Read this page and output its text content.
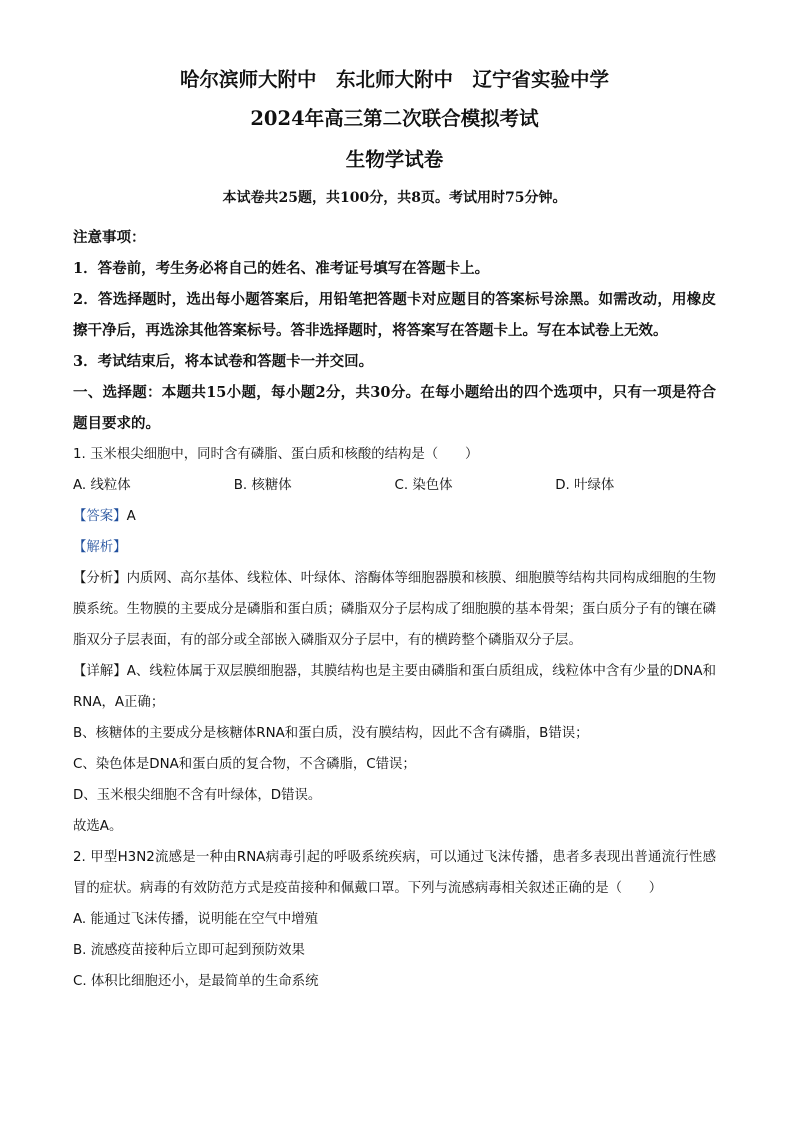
哈尔滨师大附中　东北师大附中　辽宁省实验中学
2024年高三第二次联合模拟考试
生物学试卷
本试卷共25题，共100分，共8页。考试用时75分钟。
注意事项：
1．答卷前，考生务必将自己的姓名、准考证号填写在答题卡上。
2．答选择题时，选出每小题答案后，用铅笔把答题卡对应题目的答案标号涂黑。如需改动，用橡皮擦干净后，再选涂其他答案标号。答非选择题时，将答案写在答题卡上。写在本试卷上无效。
3．考试结束后，将本试卷和答题卡一并交回。
一、选择题：本题共15小题，每小题2分，共30分。在每小题给出的四个选项中，只有一项是符合题目要求的。
1. 玉米根尖细胞中，同时含有磷脂、蛋白质和核酸的结构是（　　）
A. 线粒体	B. 核糖体	C. 染色体	D. 叶绿体
【答案】A
【解析】
【分析】内质网、高尔基体、线粒体、叶绿体、溶酶体等细胞器膜和核膜、细胞膜等结构共同构成细胞的生物膜系统。生物膜的主要成分是磷脂和蛋白质；磷脂双分子层构成了细胞膜的基本骨架；蛋白质分子有的镶在磷脂双分子层表面，有的部分或全部嵌入磷脂双分子层中，有的横跨整个磷脂双分子层。
【详解】A、线粒体属于双层膜细胞器，其膜结构也是主要由磷脂和蛋白质组成，线粒体中含有少量的DNA和RNA，A正确；
B、核糖体的主要成分是核糖体RNA和蛋白质，没有膜结构，因此不含有磷脂，B错误；
C、染色体是DNA和蛋白质的复合物，不含磷脂，C错误；
D、玉米根尖细胞不含有叶绿体，D错误。
故选A。
2. 甲型H3N2流感是一种由RNA病毒引起的呼吸系统疾病，可以通过飞沫传播，患者多表现出普通流行性感冒的症状。病毒的有效防范方式是疫苗接种和佩戴口罩。下列与流感病毒相关叙述正确的是（　　）
A. 能通过飞沫传播，说明能在空气中增殖
B. 流感疫苗接种后立即可起到预防效果
C. 体积比细胞还小，是最简单的生命系统
